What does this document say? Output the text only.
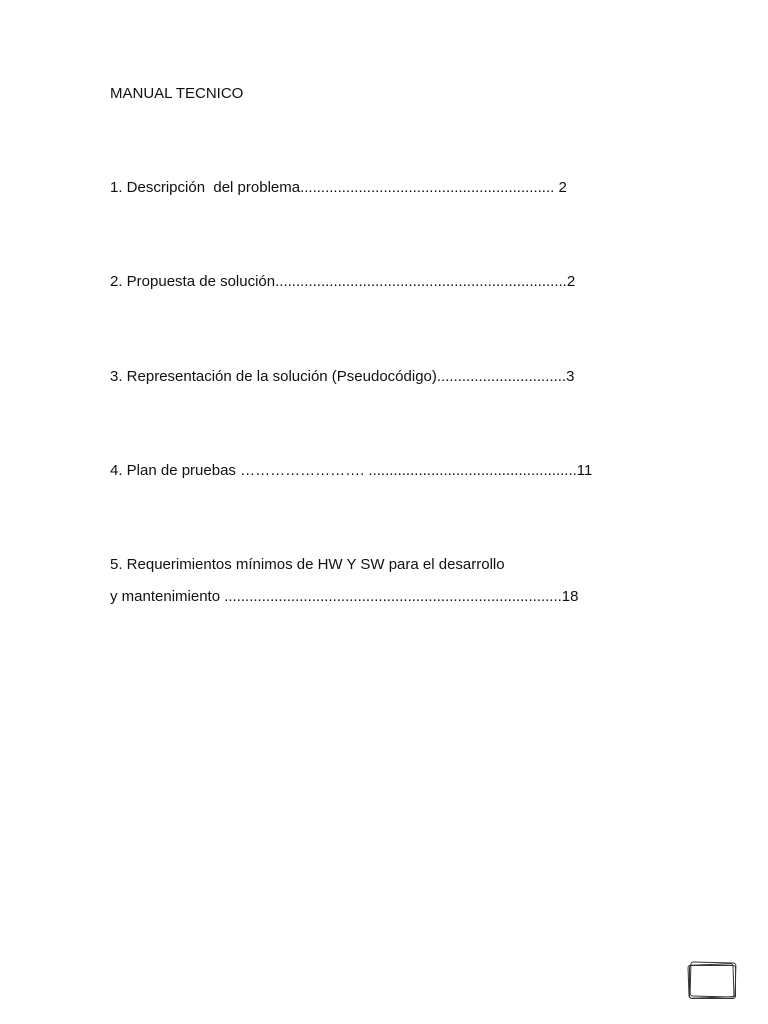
MANUAL TECNICO
1. Descripción  del problema............................................................. 2
2. Propuesta de solución......................................................................2
3. Representación de la solución (Pseudocódigo)...............................3
4. Plan de pruebas ……………………. ..................................................11
5. Requerimientos mínimos de HW Y SW para el desarrollo
y mantenimiento .................................................................................18
